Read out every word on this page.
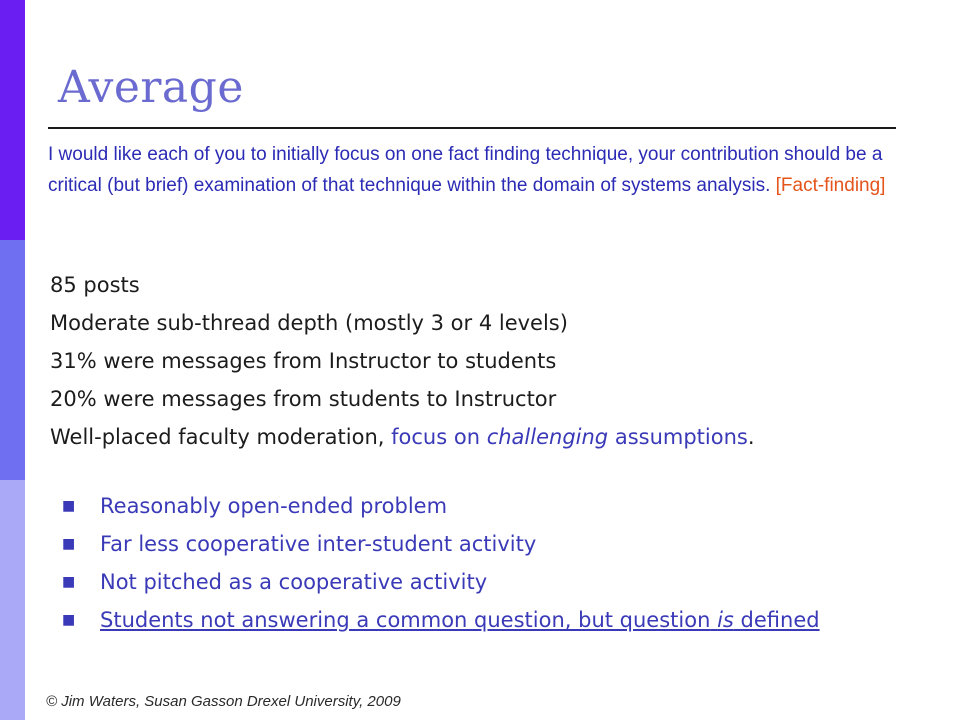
Average
I would like each of you to initially focus on one fact finding technique, your contribution should be a critical (but brief) examination of that technique within the domain of systems analysis. [Fact-finding]
85 posts
Moderate sub-thread depth (mostly 3 or 4 levels)
31% were messages from Instructor to students
20% were messages from students to Instructor
Well-placed faculty moderation, focus on challenging assumptions.
■	Reasonably open-ended problem
■	Far less cooperative inter-student activity
■	Not pitched as a cooperative activity
■	Students not answering a common question, but question is defined
© Jim Waters, Susan Gasson Drexel University, 2009
